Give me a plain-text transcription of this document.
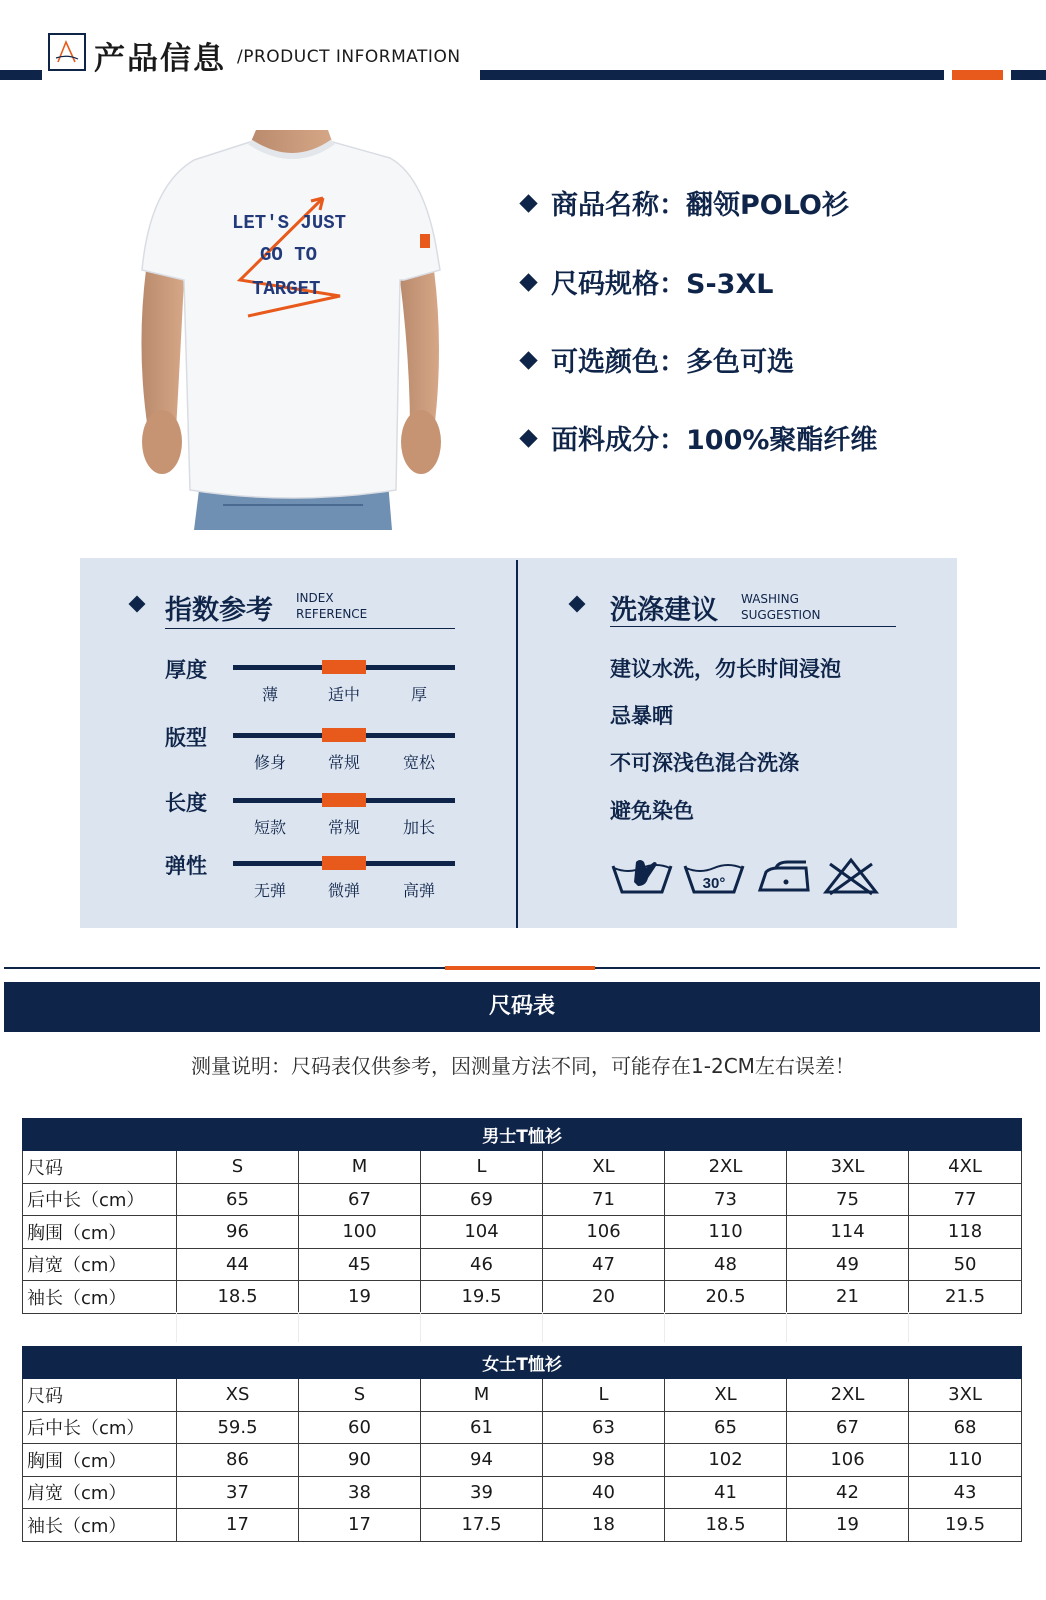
产品信息 /PRODUCT INFORMATION
LET'S JUST
GO TO
TARGET
商品名称：翻领POLO衫
尺码规格：S-3XL
可选颜色：多色可选
面料成分：100%聚酯纤维
指数参考 INDEX
REFERENCE
厚度
薄	适中	厚
版型
修身	常规	宽松
长度
短款	常规	加长
弹性
无弹	微弹	高弹
洗涤建议 WASHING
SUGGESTION
建议水洗，勿长时间浸泡
忌暴晒
不可深浅色混合洗涤
避免染色
30°
尺码表
测量说明：尺码表仅供参考，因测量方法不同，可能存在1-2CM左右误差！
男士T恤衫							
尺码	S	M	L	XL	2XL	3XL	4XL
后中长（cm）	65	67	69	71	73	75	77
胸围（cm）	96	100	104	106	110	114	118
肩宽（cm）	44	45	46	47	48	49	50
袖长（cm）	18.5	19	19.5	20	20.5	21	21.5
女士T恤衫							
尺码	XS	S	M	L	XL	2XL	3XL
后中长（cm）	59.5	60	61	63	65	67	68
胸围（cm）	86	90	94	98	102	106	110
肩宽（cm）	37	38	39	40	41	42	43
袖长（cm）	17	17	17.5	18	18.5	19	19.5
